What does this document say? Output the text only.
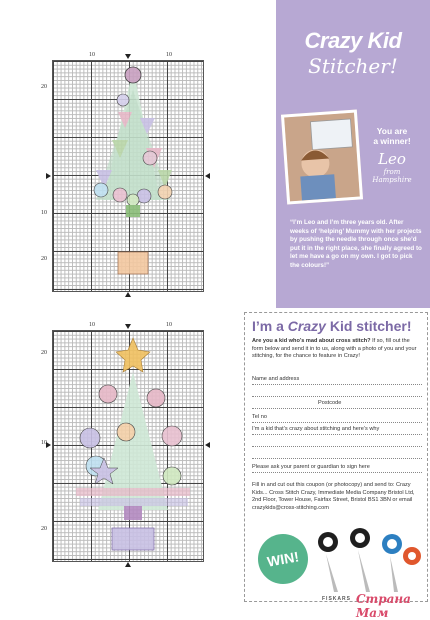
10	10
20
10
20
10	10
20
10
20
Crazy Kid
Stitcher!
You are
a winner!
Leo
from
Hampshire
“I’m Leo and I’m three years old. After weeks of ‘helping’ Mummy with her projects by pushing the needle through once she’d put it in the right place, she finally agreed to let me have a go on my own. I got to pick the colours!”
I’m a Crazy Kid stitcher!
Are you a kid who’s mad about cross stitch? If so, fill out the form below and send it in to us, along with a photo of you and your stitching, for the chance to feature in Crazy!
Name and address
Postcode
Tel no
I’m a kid that’s crazy about stitching and here’s why
Please ask your parent or guardian to sign here
Fill in and cut out this coupon (or photocopy) and send to: Crazy Kids... Cross Stitch Crazy, Immediate Media Company Bristol Ltd, 2nd Floor, Tower House, Fairfax Street, Bristol BS1 3BN or email crazykids@cross-stitching.com
WIN!
FISKARS Страна Мам
